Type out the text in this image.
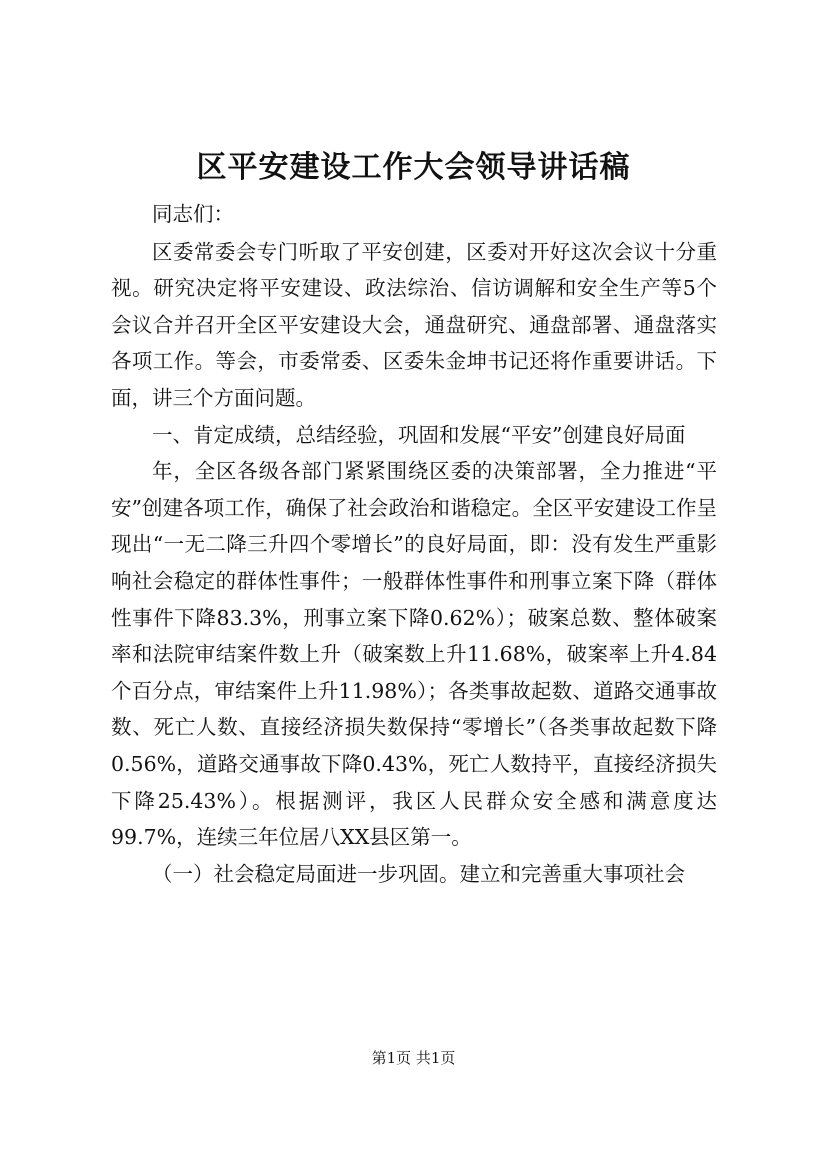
区平安建设工作大会领导讲话稿

同志们：

区委常委会专门听取了平安创建，区委对开好这次会议十分重视。研究决定将平安建设、政法综治、信访调解和安全生产等5个会议合并召开全区平安建设大会，通盘研究、通盘部署、通盘落实各项工作。等会，市委常委、区委朱金坤书记还将作重要讲话。下面，讲三个方面问题。

一、肯定成绩，总结经验，巩固和发展“平安”创建良好局面

年，全区各级各部门紧紧围绕区委的决策部署，全力推进“平安”创建各项工作，确保了社会政治和谐稳定。全区平安建设工作呈现出“一无二降三升四个零增长”的良好局面，即：没有发生严重影响社会稳定的群体性事件；一般群体性事件和刑事立案下降（群体性事件下降83.3%，刑事立案下降0.62%）；破案总数、整体破案率和法院审结案件数上升（破案数上升11.68%，破案率上升4.84个百分点，审结案件上升11.98%）；各类事故起数、道路交通事故数、死亡人数、直接经济损失数保持“零增长”（各类事故起数下降0.56%，道路交通事故下降0.43%，死亡人数持平，直接经济损失下降25.43%）。根据测评，我区人民群众安全感和满意度达99.7%，连续三年位居八XX县区第一。

（一）社会稳定局面进一步巩固。建立和完善重大事项社会

第1页 共1页
